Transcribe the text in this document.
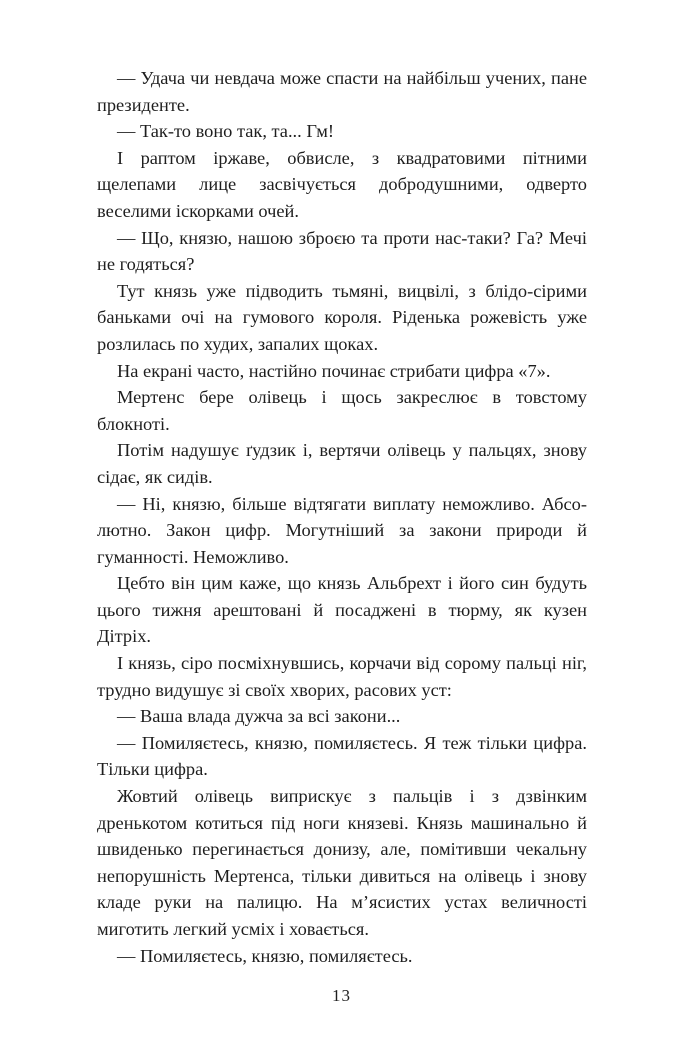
— Удача чи невдача може спасти на найбільш учених, пане президенте.

— Так-то воно так, та... Гм!

І раптом іржаве, обвисле, з квадратовими пітними щелепами лице засвічується добродушними, одверто веселими іскорками очей.

— Що, князю, нашою зброєю та проти нас-таки? Га? Мечі не годяться?

Тут князь уже підводить тьмяні, вицвілі, з блідо-сірими баньками очі на гумового короля. Ріденька рожевість уже розлилась по худих, запалих щоках.

На екрані часто, настійно починає стрибати цифра «7».

Мертенс бере олівець і щось закреслює в товстому блокноті.

Потім надушує ґудзик і, вертячи олівець у пальцях, знову сідає, як сидів.

— Ні, князю, більше відтягати виплату неможливо. Абсолютно. Закон цифр. Могутніший за закони природи й гуманності. Неможливо.

Цебто він цим каже, що князь Альбрехт і його син будуть цього тижня арештовані й посаджені в тюрму, як кузен Дітріх.

І князь, сіро посміхнувшись, корчачи від сорому пальці ніг, трудно видушує зі своїх хворих, расових уст:

— Ваша влада дужча за всі закони...

— Помиляєтесь, князю, помиляєтесь. Я теж тільки цифра. Тільки цифра.

Жовтий олівець виприскує з пальців і з дзвінким дренькотом котиться під ноги князеві. Князь машинально й швиденько перегинається донизу, але, помітивши чекальну непорушність Мертенса, тільки дивиться на олівець і знову кладе руки на палицю. На м’ясистих устах величності миготить легкий усміх і ховається.

— Помиляєтесь, князю, помиляєтесь.

13
